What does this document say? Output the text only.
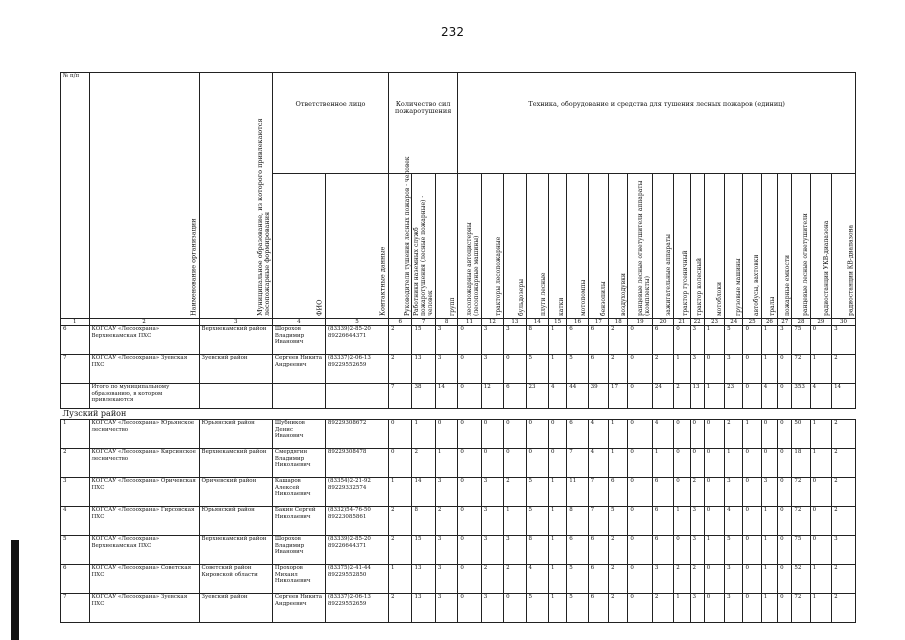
232
№ п/п	Наименование организации	Муниципальное образование, из которого привлекаются лесопожарные формирования	Ответственное лицо		Количество сил пожаротушения			Техника, оборудование и средства для тушения лесных пожаров (единиц)																			
			ФИО	Контактные данные	Руководители тушения лесных пожаров · человек	Работники наземных служб пожаротушения (лесные пожарные) · человек	групп	лесопожарные автоцистерны (лесопожарные машины)	тракторы лесопожарные	бульдозеры	плуги лесные	катки	мотопомпы	бензопилы	воздуходувки	ранцевые лесные огнетушители аппараты (комплекты)	зажигательные аппараты	трактор гусеничный	трактор колесный	мотоблоки	грузовые машины	автобусы, вахтовки	тралы	пожарные емкости	ранцевые лесные огнетушители	радиостанции УКВ-диапазона	радиостанции КВ-диапазона
1	2	3	4	5	6	7	8	11	12	13	14	15	16	17	18	19	20	21	22	23	24	25	26	27	28	29	30
6	КОГСАУ «Лесоохрана» Верхнекамская ПХС	Верхнекамский район	Шорохов Владимир Иванович	(83339)2-85-20 89226644371	2	15	3	0	3	3	8	1	6	6	2	0	6	0	3	1	5	0	1	3	75	0	3
7	КОГСАУ «Лесоохрана» Зуевская ПХС	Зуевский район	Сергеев Никита Андреевич	(83337)2-06-13 89229552659	2	13	3	0	3	0	5	1	5	6	2	0	2	1	3	0	3	0	1	0	72	1	2
	Итого по муниципальному образованию, в котором привлекаются				7	38	14	0	12	6	23	4	44	39	17	0	24	2	13	1	23	0	4	0	353	4	14
Лузский район																											
1	КОГСАУ «Лесоохрана» Юрьянское лесничество	Юрьянский район	Шубников Денис Иванович	89229308672	0	1	0	0	0	0	0	0	6	4	1	0	4	0	0	0	2	1	0	0	50	1	2
2	КОГСАУ «Лесоохрана» Кирсинское лесничество	Верхнекамский район	Смердягин Владимир Николаевич	89229308478	0	2	1	0	0	0	0	0	7	4	1	0	1	0	0	0	1	0	0	0	18	1	2
3	КОГСАУ «Лесоохрана» Оричевская ПХС	Оричевский район	Кашаров Алексей Николаевич	(83354)2-21-92 89229332574	1	14	3	0	3	2	5	1	11	7	6	0	6	0	2	0	3	0	3	0	72	0	2
4	КОГСАУ «Лесоохрана» Гирсовская ПХС	Юрьянский район	Бакин Сергей Николаевич	(8332)54-76-50 89223085861	2	8	2	0	3	1	5	1	8	7	5	0	6	1	3	0	4	0	1	0	72	0	2
5	КОГСАУ «Лесоохрана» Верхнекамская ПХС	Верхнекамский район	Шорохов Владимир Иванович	(83339)2-85-20 89226644371	2	15	3	0	3	3	8	1	6	6	2	0	6	0	3	1	5	0	1	0	75	0	3
6	КОГСАУ «Лесоохрана» Советская ПХС	Советский район Кировской области	Прохоров Михаил Николаевич	(83375)2-41-44 89229552850	1	13	3	0	2	2	4	1	5	6	2	0	3	2	2	0	3	0	1	0	52	1	2
7	КОГСАУ «Лесоохрана» Зуевская ПХС	Зуевский район	Сергеев Никита Андреевич	(83337)2-06-13 89229552659	2	13	3	0	3	0	5	1	5	6	2	0	2	1	3	0	3	0	1	0	72	1	2
